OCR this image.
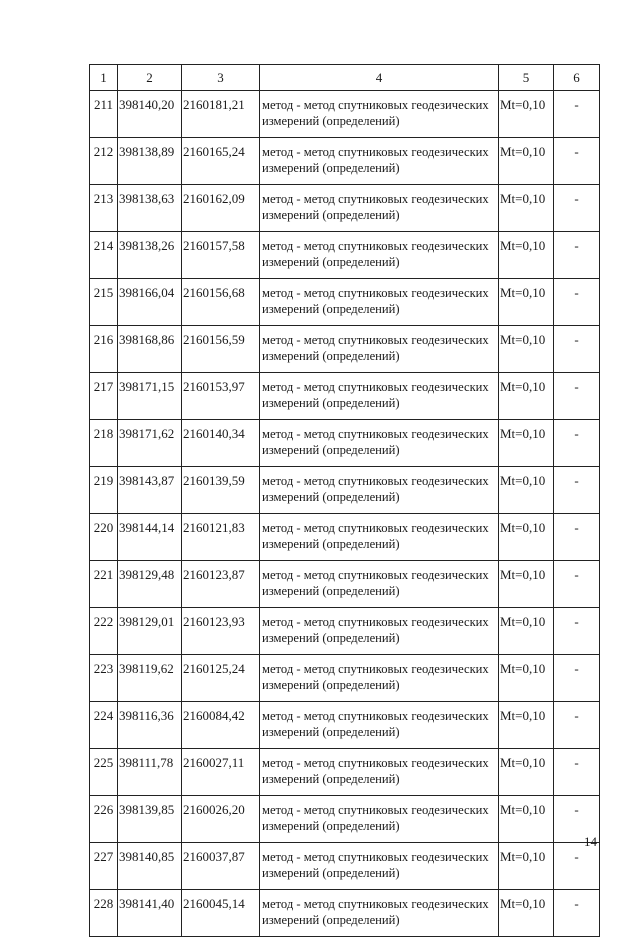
1	2	3	4	5	6
211	398140,20	2160181,21	метод - метод спутниковых геодезических
измерений (определений)	Mt=0,10	-
212	398138,89	2160165,24	метод - метод спутниковых геодезических
измерений (определений)	Mt=0,10	-
213	398138,63	2160162,09	метод - метод спутниковых геодезических
измерений (определений)	Mt=0,10	-
214	398138,26	2160157,58	метод - метод спутниковых геодезических
измерений (определений)	Mt=0,10	-
215	398166,04	2160156,68	метод - метод спутниковых геодезических
измерений (определений)	Mt=0,10	-
216	398168,86	2160156,59	метод - метод спутниковых геодезических
измерений (определений)	Mt=0,10	-
217	398171,15	2160153,97	метод - метод спутниковых геодезических
измерений (определений)	Mt=0,10	-
218	398171,62	2160140,34	метод - метод спутниковых геодезических
измерений (определений)	Mt=0,10	-
219	398143,87	2160139,59	метод - метод спутниковых геодезических
измерений (определений)	Mt=0,10	-
220	398144,14	2160121,83	метод - метод спутниковых геодезических
измерений (определений)	Mt=0,10	-
221	398129,48	2160123,87	метод - метод спутниковых геодезических
измерений (определений)	Mt=0,10	-
222	398129,01	2160123,93	метод - метод спутниковых геодезических
измерений (определений)	Mt=0,10	-
223	398119,62	2160125,24	метод - метод спутниковых геодезических
измерений (определений)	Mt=0,10	-
224	398116,36	2160084,42	метод - метод спутниковых геодезических
измерений (определений)	Mt=0,10	-
225	398111,78	2160027,11	метод - метод спутниковых геодезических
измерений (определений)	Mt=0,10	-
226	398139,85	2160026,20	метод - метод спутниковых геодезических
измерений (определений)	Mt=0,10	-
227	398140,85	2160037,87	метод - метод спутниковых геодезических
измерений (определений)	Mt=0,10	-
228	398141,40	2160045,14	метод - метод спутниковых геодезических
измерений (определений)	Mt=0,10	-
14
